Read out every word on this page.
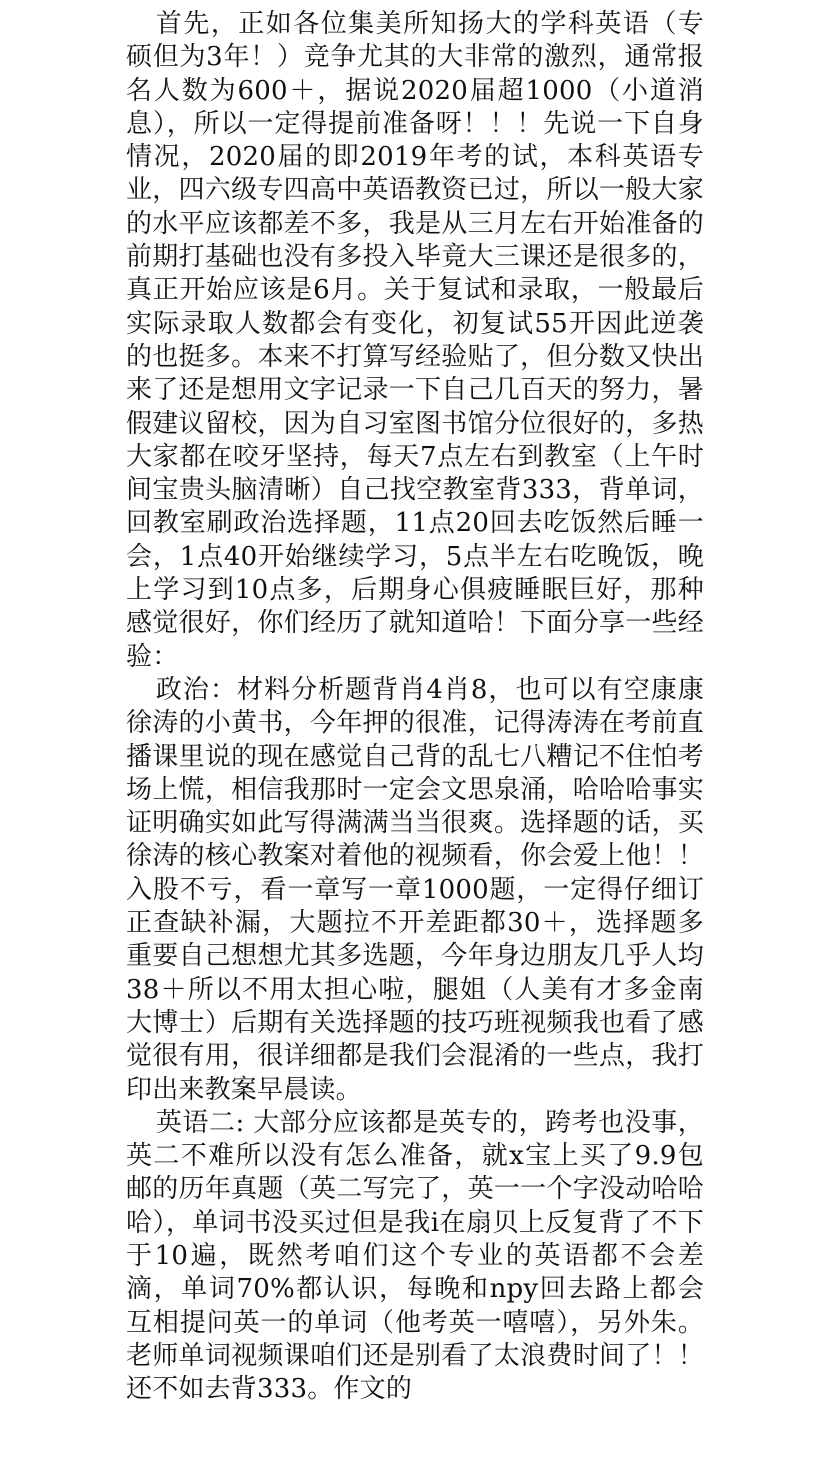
首先，正如各位集美所知扬大的学科英语（专硕但为3年！）竞争尤其的大非常的激烈，通常报名人数为600＋，据说2020届超1000（小道消息），所以一定得提前准备呀！！！先说一下自身情况，2020届的即2019年考的试，本科英语专业，四六级专四高中英语教资已过，所以一般大家的水平应该都差不多，我是从三月左右开始准备的前期打基础也没有多投入毕竟大三课还是很多的，真正开始应该是6月。关于复试和录取，一般最后实际录取人数都会有变化，初复试55开因此逆袭的也挺多。本来不打算写经验贴了，但分数又快出来了还是想用文字记录一下自己几百天的努力，暑假建议留校，因为自习室图书馆分位很好的，多热大家都在咬牙坚持，每天7点左右到教室（上午时间宝贵头脑清晰）自己找空教室背333，背单词，回教室刷政治选择题，11点20回去吃饭然后睡一会，1点40开始继续学习，5点半左右吃晚饭，晚上学习到10点多，后期身心俱疲睡眠巨好，那种感觉很好，你们经历了就知道哈！下面分享一些经验：

政治：材料分析题背肖4肖8，也可以有空康康徐涛的小黄书，今年押的很准，记得涛涛在考前直播课里说的现在感觉自己背的乱七八糟记不住怕考场上慌，相信我那时一定会文思泉涌，哈哈哈事实证明确实如此写得满满当当很爽。选择题的话，买徐涛的核心教案对着他的视频看，你会爱上他！！入股不亏，看一章写一章1000题，一定得仔细订正查缺补漏，大题拉不开差距都30＋，选择题多重要自己想想尤其多选题，今年身边朋友几乎人均38＋所以不用太担心啦，腿姐（人美有才多金南大博士）后期有关选择题的技巧班视频我也看了感觉很有用，很详细都是我们会混淆的一些点，我打印出来教案早晨读。

英语二: 大部分应该都是英专的，跨考也没事，英二不难所以没有怎么准备，就x宝上买了9.9包邮的历年真题（英二写完了，英一一个字没动哈哈哈），单词书没买过但是我i在扇贝上反复背了不下于10遍，既然考咱们这个专业的英语都不会差滴，单词70%都认识，每晚和npy回去路上都会互相提问英一的单词（他考英一嘻嘻），另外朱。老师单词视频课咱们还是别看了太浪费时间了！！还不如去背333。作文的
